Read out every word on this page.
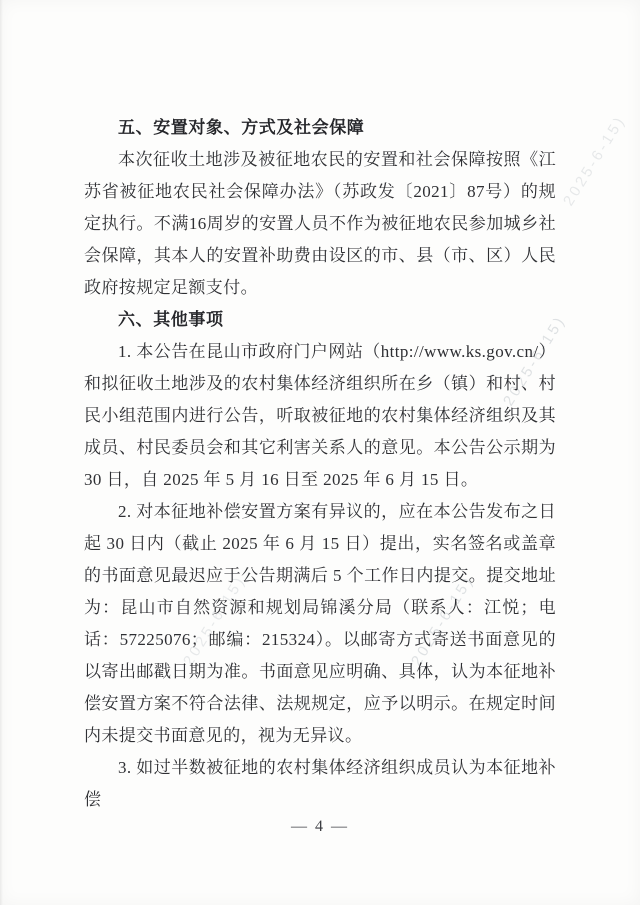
2025-6-15)
2025-6-15)
2025-6-15)
2025-6-15)
五、安置对象、方式及社会保障

本次征收土地涉及被征地农民的安置和社会保障按照《江苏省被征地农民社会保障办法》（苏政发〔2021〕87号）的规定执行。不满16周岁的安置人员不作为被征地农民参加城乡社会保障，其本人的安置补助费由设区的市、县（市、区）人民政府按规定足额支付。

六、其他事项

1. 本公告在昆山市政府门户网站（http://www.ks.gov.cn/）和拟征收土地涉及的农村集体经济组织所在乡（镇）和村、村民小组范围内进行公告，听取被征地的农村集体经济组织及其成员、村民委员会和其它利害关系人的意见。本公告公示期为 30 日，自 2025 年 5 月 16 日至 2025 年 6 月 15 日。

2. 对本征地补偿安置方案有异议的，应在本公告发布之日起 30 日内（截止 2025 年 6 月 15 日）提出，实名签名或盖章的书面意见最迟应于公告期满后 5 个工作日内提交。提交地址为：昆山市自然资源和规划局锦溪分局（联系人：江悦；电话：57225076；邮编：215324）。以邮寄方式寄送书面意见的以寄出邮戳日期为准。书面意见应明确、具体，认为本征地补偿安置方案不符合法律、法规规定，应予以明示。在规定时间内未提交书面意见的，视为无异议。

3. 如过半数被征地的农村集体经济组织成员认为本征地补偿

— 4 —
